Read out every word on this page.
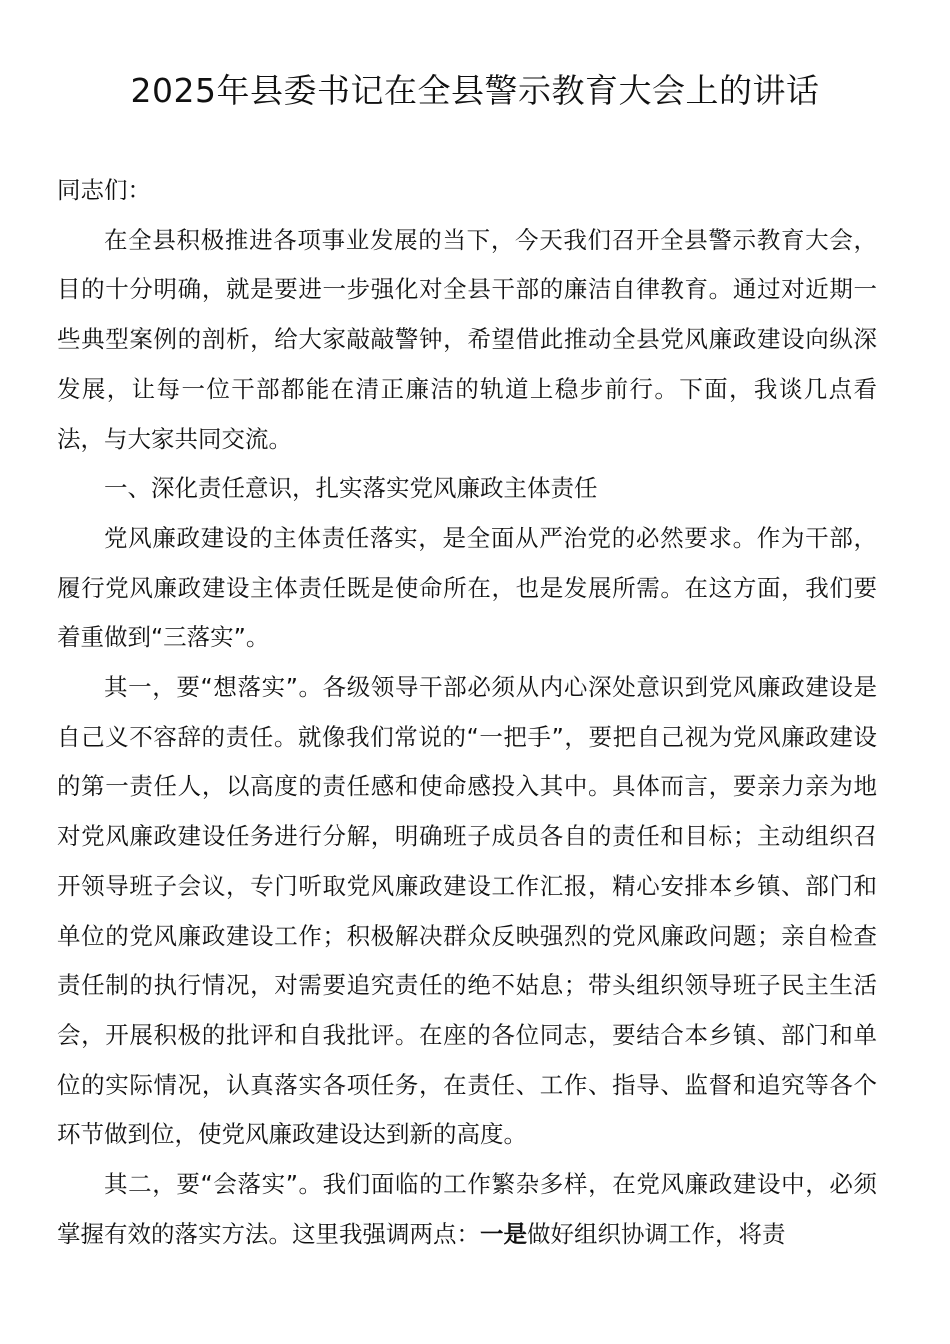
2025年县委书记在全县警示教育大会上的讲话

同志们：

在全县积极推进各项事业发展的当下，今天我们召开全县警示教育大会，目的十分明确，就是要进一步强化对全县干部的廉洁自律教育。通过对近期一些典型案例的剖析，给大家敲敲警钟，希望借此推动全县党风廉政建设向纵深发展，让每一位干部都能在清正廉洁的轨道上稳步前行。下面，我谈几点看法，与大家共同交流。

一、深化责任意识，扎实落实党风廉政主体责任

党风廉政建设的主体责任落实，是全面从严治党的必然要求。作为干部，履行党风廉政建设主体责任既是使命所在，也是发展所需。在这方面，我们要着重做到“三落实”。

其一，要“想落实”。各级领导干部必须从内心深处意识到党风廉政建设是自己义不容辞的责任。就像我们常说的“一把手”，要把自己视为党风廉政建设的第一责任人，以高度的责任感和使命感投入其中。具体而言，要亲力亲为地对党风廉政建设任务进行分解，明确班子成员各自的责任和目标；主动组织召开领导班子会议，专门听取党风廉政建设工作汇报，精心安排本乡镇、部门和单位的党风廉政建设工作；积极解决群众反映强烈的党风廉政问题；亲自检查责任制的执行情况，对需要追究责任的绝不姑息；带头组织领导班子民主生活会，开展积极的批评和自我批评。在座的各位同志，要结合本乡镇、部门和单位的实际情况，认真落实各项任务，在责任、工作、指导、监督和追究等各个环节做到位，使党风廉政建设达到新的高度。

其二，要“会落实”。我们面临的工作繁杂多样，在党风廉政建设中，必须掌握有效的落实方法。这里我强调两点：一是做好组织协调工作，将责
